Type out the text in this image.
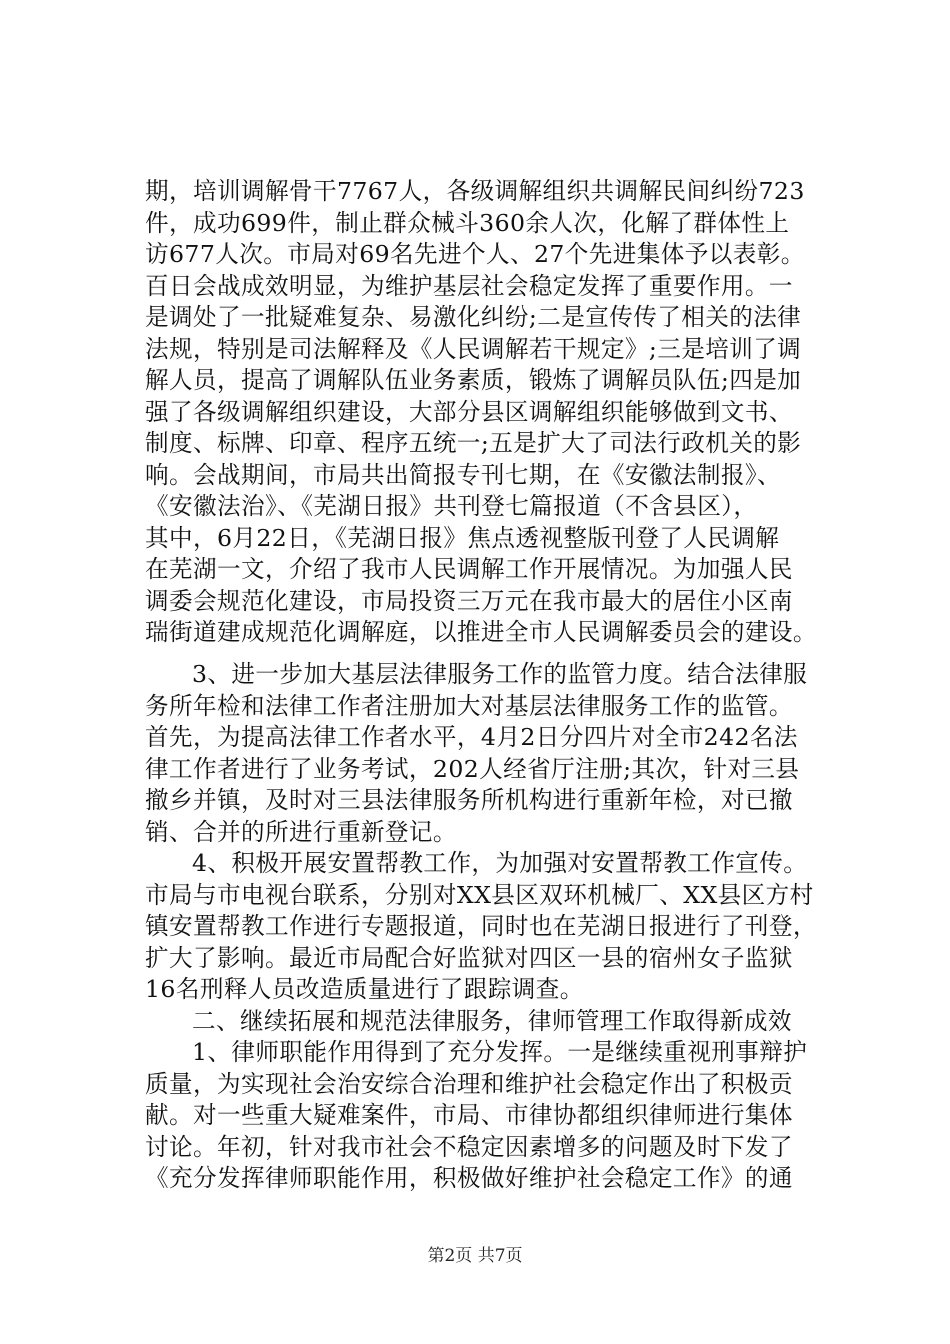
期，培训调解骨干7767人，各级调解组织共调解民间纠纷723
件，成功699件，制止群众械斗360余人次，化解了群体性上
访677人次。市局对69名先进个人、27个先进集体予以表彰。
百日会战成效明显，为维护基层社会稳定发挥了重要作用。一
是调处了一批疑难复杂、易激化纠纷;二是宣传传了相关的法律
法规，特别是司法解释及《人民调解若干规定》;三是培训了调
解人员，提高了调解队伍业务素质，锻炼了调解员队伍;四是加
强了各级调解组织建设，大部分县区调解组织能够做到文书、
制度、标牌、印章、程序五统一;五是扩大了司法行政机关的影
响。会战期间，市局共出简报专刊七期，在《安徽法制报》、
《安徽法治》、《芜湖日报》共刊登七篇报道（不含县区），
其中，6月22日，《芜湖日报》焦点透视整版刊登了人民调解
在芜湖一文，介绍了我市人民调解工作开展情况。为加强人民
调委会规范化建设，市局投资三万元在我市最大的居住小区南
瑞街道建成规范化调解庭，以推进全市人民调解委员会的建设。
3、进一步加大基层法律服务工作的监管力度。结合法律服
务所年检和法律工作者注册加大对基层法律服务工作的监管。
首先，为提高法律工作者水平，4月2日分四片对全市242名法
律工作者进行了业务考试，202人经省厅注册;其次，针对三县
撤乡并镇，及时对三县法律服务所机构进行重新年检，对已撤
销、合并的所进行重新登记。
4、积极开展安置帮教工作，为加强对安置帮教工作宣传。
市局与市电视台联系，分别对XX县区双环机械厂、XX县区方村
镇安置帮教工作进行专题报道，同时也在芜湖日报进行了刊登，
扩大了影响。最近市局配合好监狱对四区一县的宿州女子监狱
16名刑释人员改造质量进行了跟踪调查。
二、继续拓展和规范法律服务，律师管理工作取得新成效
1、律师职能作用得到了充分发挥。一是继续重视刑事辩护
质量，为实现社会治安综合治理和维护社会稳定作出了积极贡
献。对一些重大疑难案件，市局、市律协都组织律师进行集体
讨论。年初，针对我市社会不稳定因素增多的问题及时下发了
《充分发挥律师职能作用，积极做好维护社会稳定工作》的通
第2页 共7页
